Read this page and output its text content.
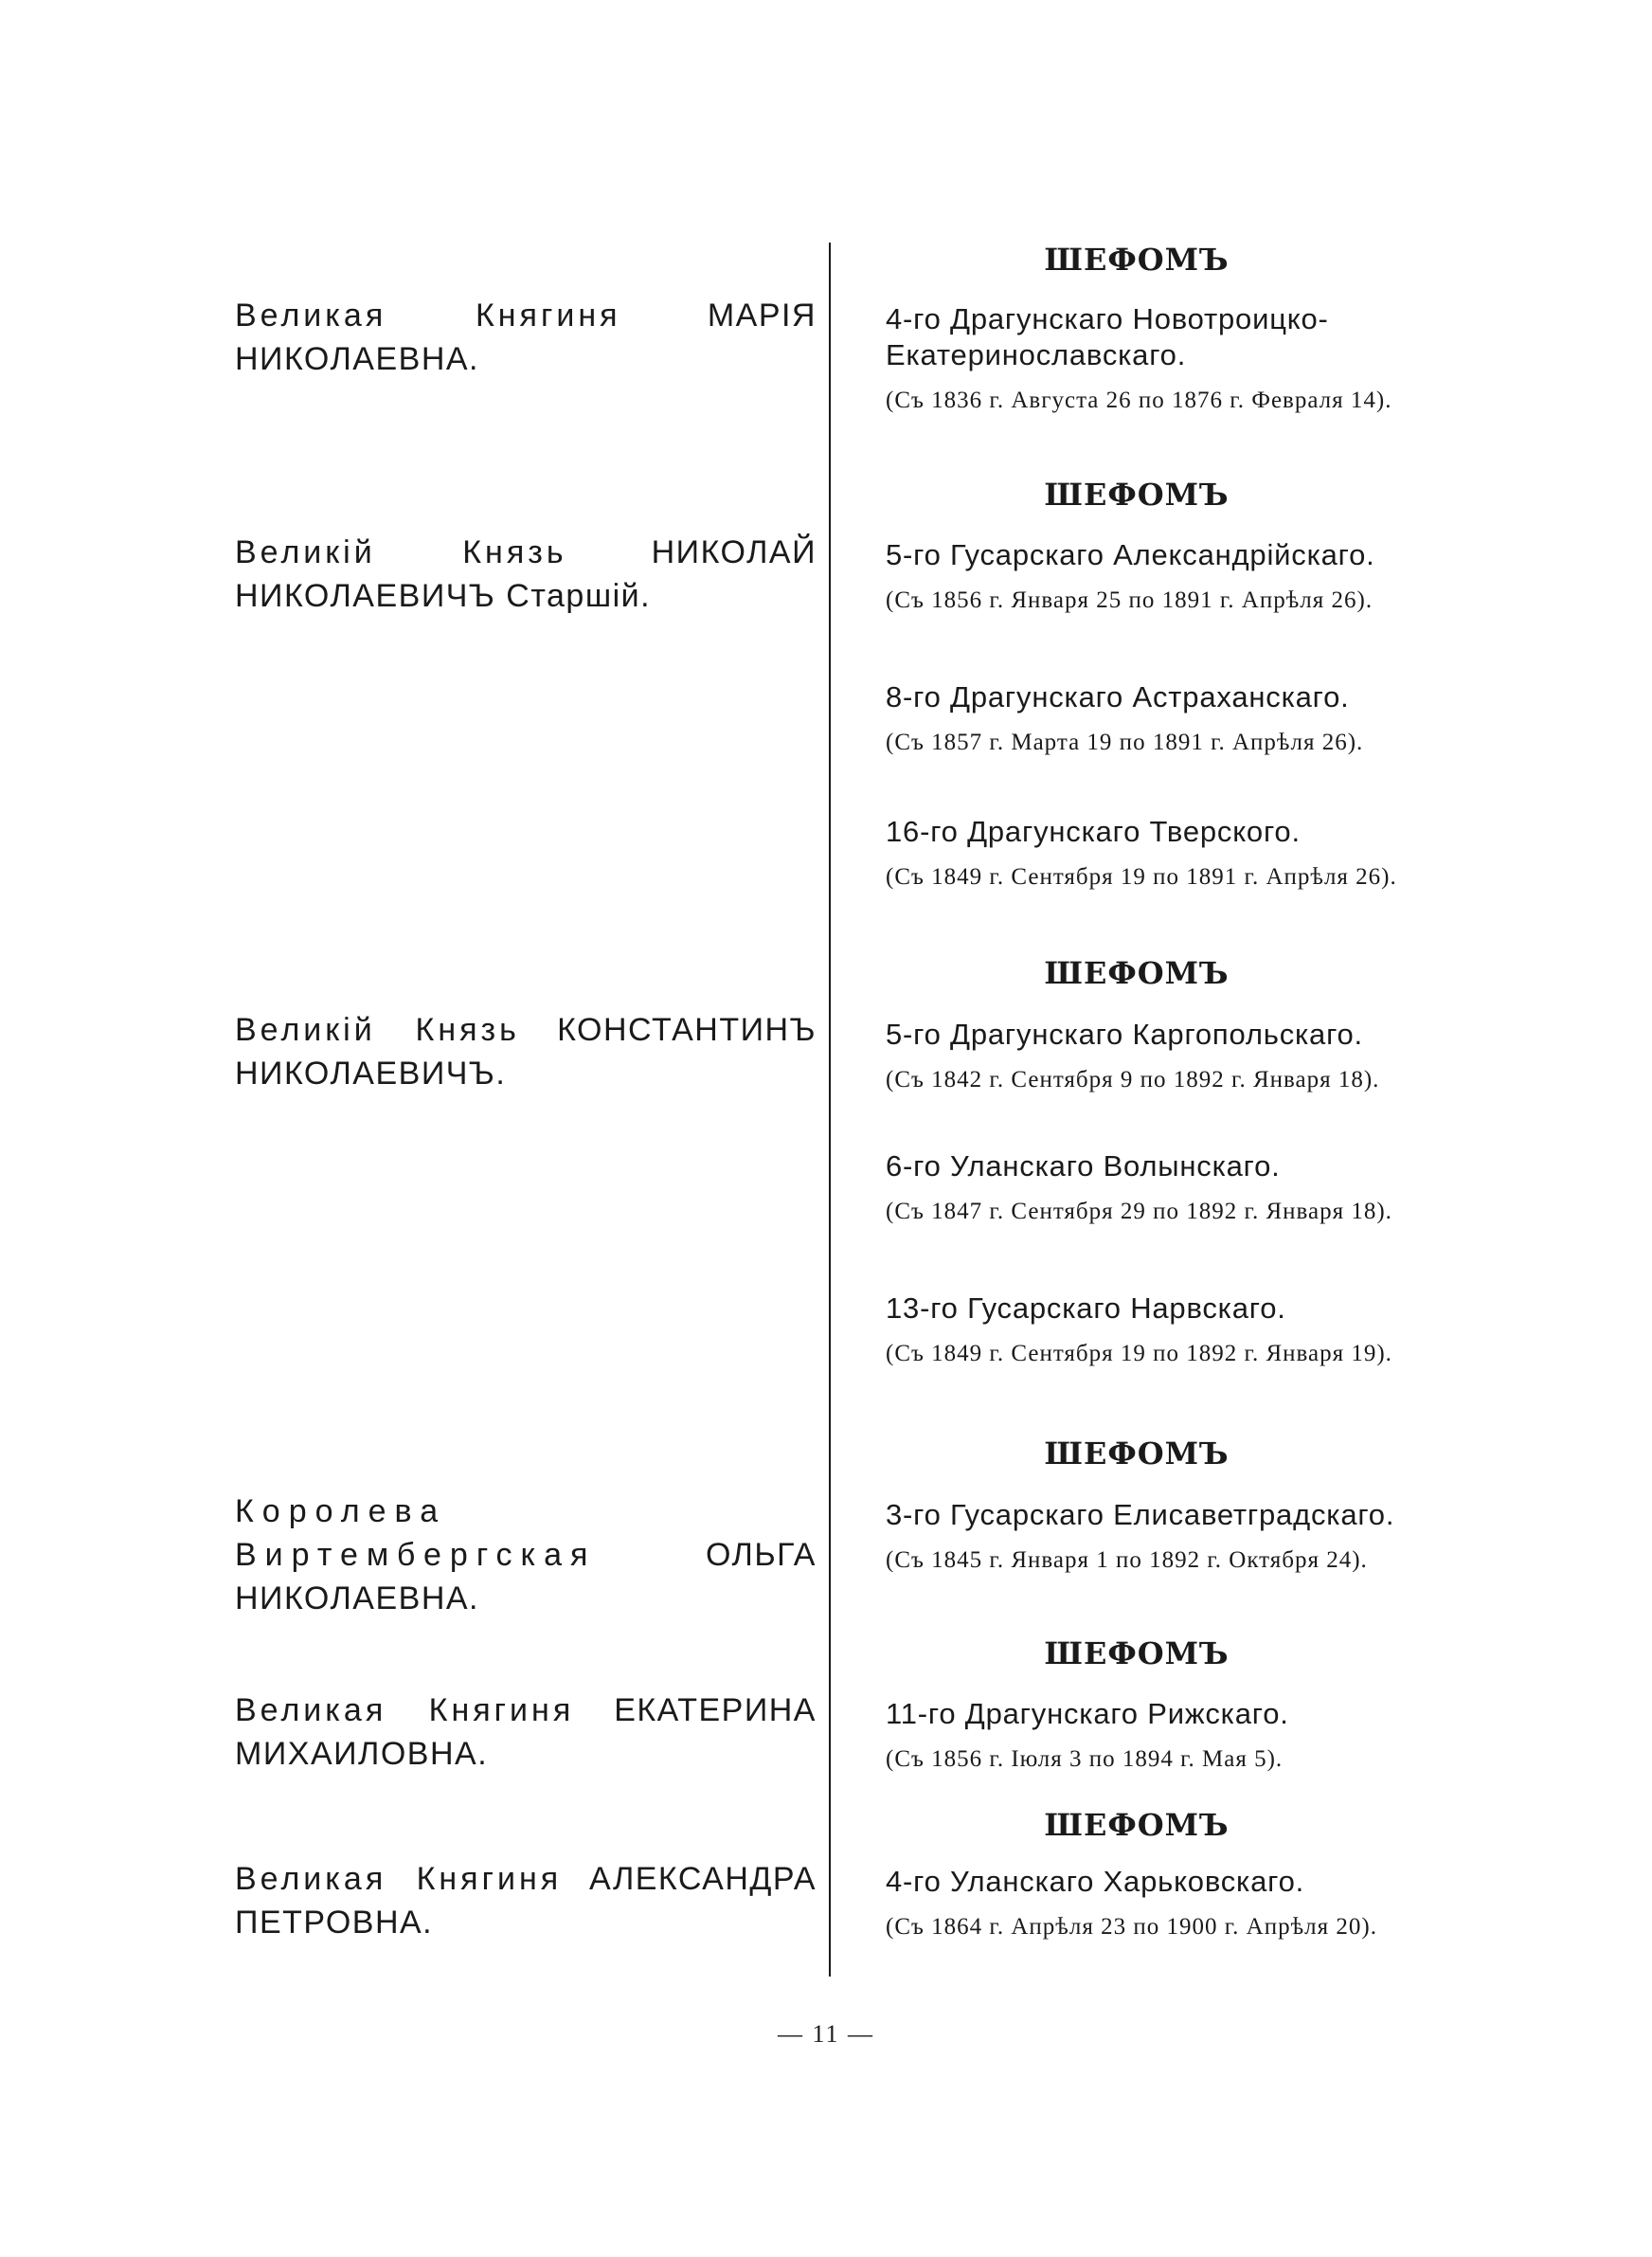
ШЕФОМЪ
Великая Княгиня	МАРІЯ НИКОЛАЕВНА.
4-го Драгунскаго Новотроицко-Екатеринославскаго.
(Съ 1836 г. Августа 26 по 1876 г. Февраля 14).
ШЕФОМЪ
Великій Князь	НИКОЛАЙ НИКОЛАЕВИЧЪ Старшій.
5-го Гусарскаго Александрійскаго.
(Съ 1856 г. Января 25 по 1891 г. Апрѣля 26).
8-го Драгунскаго Астраханскаго.
(Съ 1857 г. Марта 19 по 1891 г. Апрѣля 26).
16-го Драгунскаго Тверского.
(Съ 1849 г. Сентября 19 по 1891 г. Апрѣля 26).
ШЕФОМЪ
Великій Князь КОНСТАНТИНЪ НИКОЛАЕВИЧЪ.
5-го Драгунскаго Каргопольскаго.
(Съ 1842 г. Сентября 9 по 1892 г. Января 18).
6-го Уланскаго Волынскаго.
(Съ 1847 г. Сентября 29 по 1892 г. Января 18).
13-го Гусарскаго Нарвскаго.
(Съ 1849 г. Сентября 19 по 1892 г. Января 19).
ШЕФОМЪ
Королева Виртембергская	ОЛЬГА НИКОЛАЕВНА.
3-го Гусарскаго Елисаветградскаго.
(Съ 1845 г. Января 1 по 1892 г. Октября 24).
ШЕФОМЪ
Великая Княгиня ЕКАТЕРИНА МИХАИЛОВНА.
11-го Драгунскаго Рижскаго.
(Съ 1856 г. Іюля 3 по 1894 г. Мая 5).
ШЕФОМЪ
Великая Княгиня АЛЕКСАНДРА ПЕТРОВНА.
4-го Уланскаго Харьковскаго.
(Съ 1864 г. Апрѣля 23 по 1900 г. Апрѣля 20).
— 11 —
